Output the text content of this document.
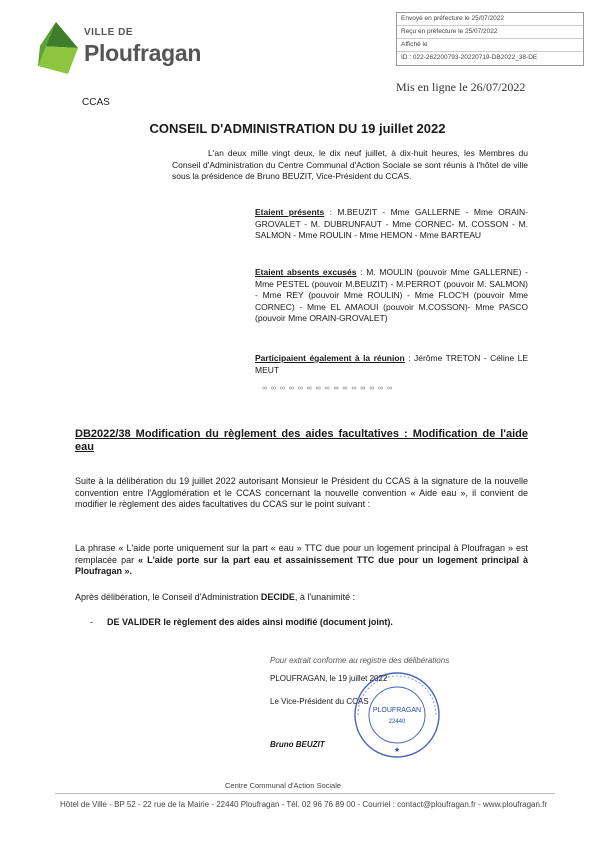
VILLE DE
Ploufragan
Envoyé en préfecture le 25/07/2022
Reçu en préfecture le 25/07/2022
Affiché le
ID : 022-262200793-20220719-DB2022_38-DE
Mis en ligne le 26/07/2022
CCAS
CONSEIL D'ADMINISTRATION DU 19 juillet 2022
L'an deux mille vingt deux, le dix neuf juillet, à dix-huit heures, les Membres du Conseil d'Administration du Centre Communal d'Action Sociale se sont réunis à l'hôtel de ville sous la présidence de Bruno BEUZIT, Vice-Président du CCAS.
Etaient présents : M.BEUZIT - Mme GALLERNE - Mme ORAIN-GROVALET - M. DUBRUNFAUT - Mme CORNEC- M. COSSON - M. SALMON - Mme ROULIN - Mme HEMON - Mme BARTEAU
Etaient absents excusés : M. MOULIN (pouvoir Mme GALLERNE) - Mme PESTEL (pouvoir M.BEUZIT) - M.PERROT (pouvoir M. SALMON) - Mme REY (pouvoir Mme ROULIN) - Mme FLOC'H (pouvoir Mme CORNEC) - Mme EL AMAOUI (pouvoir M.COSSON)- Mme PASCO (pouvoir Mme ORAIN-GROVALET)
Participaient également à la réunion : Jérôme TRETON - Céline LE MEUT
∞ ∞ ∞ ∞ ∞ ∞ ∞ ∞ ∞ ∞ ∞ ∞ ∞ ∞ ∞
DB2022/38 Modification du règlement des aides facultatives : Modification de l'aide eau
Suite à la délibération du 19 juillet 2022 autorisant Monsieur le Président du CCAS à la signature de la nouvelle convention entre l'Agglomération et le CCAS concernant la nouvelle convention « Aide eau », il convient de modifier le règlement des aides facultatives du CCAS sur le point suivant :
La phrase « L'aide porte uniquement sur la part « eau » TTC due pour un logement principal à Ploufragan » est remplacée par « L'aide porte sur la part eau et assainissement TTC due pour un logement principal à Ploufragan ».
Après délibération, le Conseil d'Administration DECIDE, à l'unanimité :
- DE VALIDER le règlement des aides ainsi modifié (document joint).
Pour extrait conforme au registre des délibérations
PLOUFRAGAN, le 19 juillet 2022
Le Vice-Président du CCAS
Bruno BEUZIT
PLOUFRAGAN
22440
★
Centre Communal d'Action Sociale
Hôtel de Ville - BP 52 - 22 rue de la Mairie - 22440 Ploufragan - Tél. 02 96 76 89 00 - Courriel : contact@ploufragan.fr - www.ploufragan.fr
